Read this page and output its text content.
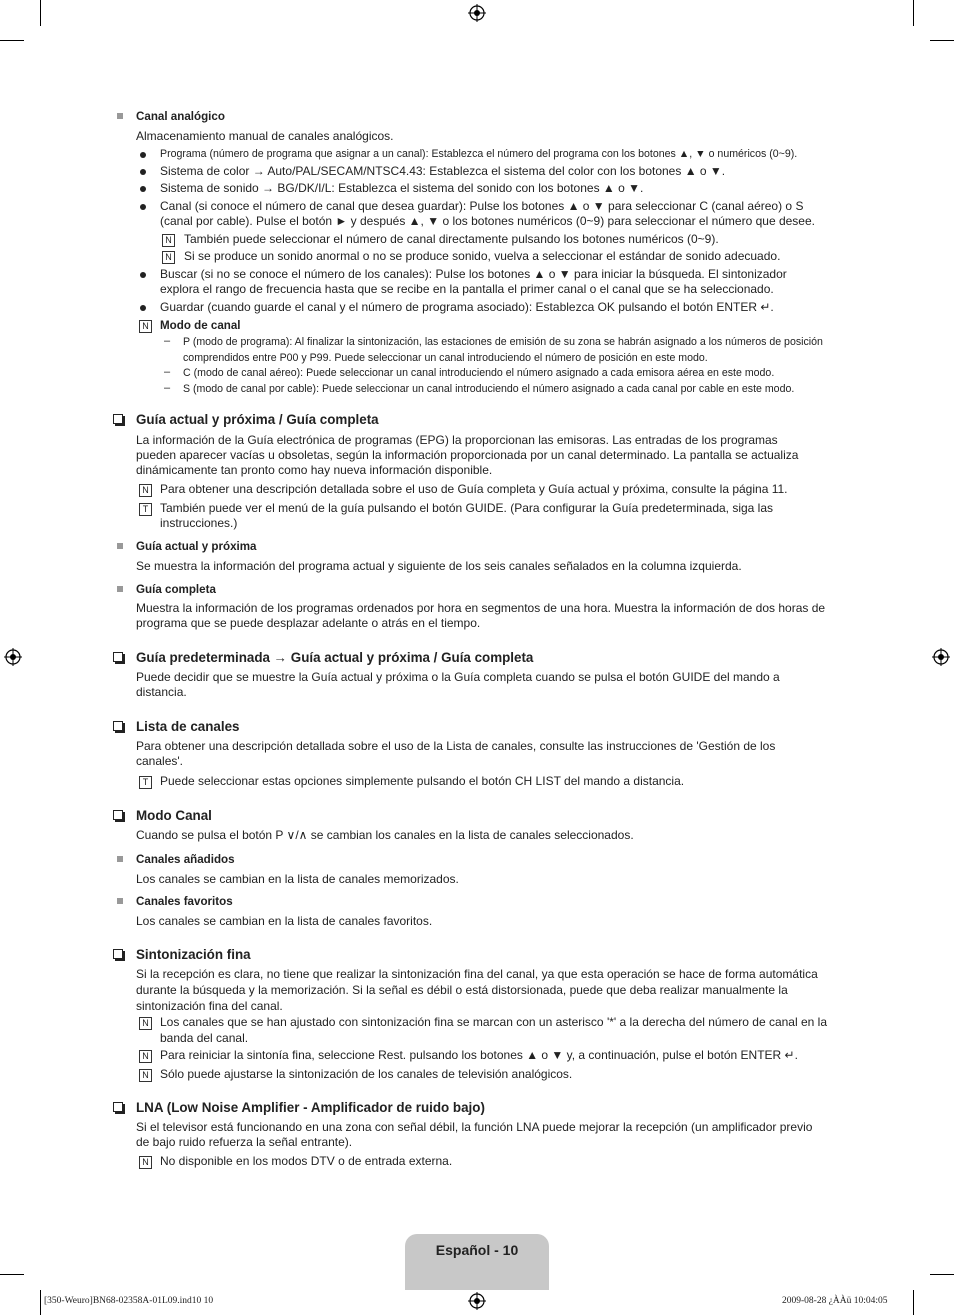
Canal analógico
Almacenamiento manual de canales analógicos.
Programa (número de programa que asignar a un canal): Establezca el número del programa con los botones ▲, ▼ o numéricos (0~9).
Sistema de color → Auto/PAL/SECAM/NTSC4.43: Establezca el sistema del color con los botones ▲ o ▼.
Sistema de sonido → BG/DK/I/L: Establezca el sistema del sonido con los botones ▲ o ▼.
Canal (si conoce el número de canal que desea guardar): Pulse los botones ▲ o ▼ para seleccionar C (canal aéreo) o S
(canal por cable). Pulse el botón ► y después ▲, ▼ o los botones numéricos (0~9) para seleccionar el número que desee.
N También puede seleccionar el número de canal directamente pulsando los botones numéricos (0~9).
N Si se produce un sonido anormal o no se produce sonido, vuelva a seleccionar el estándar de sonido adecuado.
Buscar (si no se conoce el número de los canales): Pulse los botones ▲ o ▼ para iniciar la búsqueda. El sintonizador
explora el rango de frecuencia hasta que se recibe en la pantalla el primer canal o el canal que se ha seleccionado.
Guardar (cuando guarde el canal y el número de programa asociado): Establezca OK pulsando el botón ENTER ↵.
N Modo de canal
– P (modo de programa): Al finalizar la sintonización, las estaciones de emisión de su zona se habrán asignado a los números de posición
comprendidos entre P00 y P99. Puede seleccionar un canal introduciendo el número de posición en este modo.
– C (modo de canal aéreo): Puede seleccionar un canal introduciendo el número asignado a cada emisora aérea en este modo.
– S (modo de canal por cable): Puede seleccionar un canal introduciendo el número asignado a cada canal por cable en este modo.
Guía actual y próxima / Guía completa
La información de la Guía electrónica de programas (EPG) la proporcionan las emisoras. Las entradas de los programas
pueden aparecer vacías u obsoletas, según la información proporcionada por un canal determinado. La pantalla se actualiza
dinámicamente tan pronto como hay nueva información disponible.
N Para obtener una descripción detallada sobre el uso de Guía completa y Guía actual y próxima, consulte la página 11.
T También puede ver el menú de la guía pulsando el botón GUIDE. (Para configurar la Guía predeterminada, siga las
instrucciones.)
Guía actual y próxima
Se muestra la información del programa actual y siguiente de los seis canales señalados en la columna izquierda.
Guía completa
Muestra la información de los programas ordenados por hora en segmentos de una hora. Muestra la información de dos horas de
programa que se puede desplazar adelante o atrás en el tiempo.
Guía predeterminada → Guía actual y próxima / Guía completa
Puede decidir que se muestre la Guía actual y próxima o la Guía completa cuando se pulsa el botón GUIDE del mando a
distancia.
Lista de canales
Para obtener una descripción detallada sobre el uso de la Lista de canales, consulte las instrucciones de 'Gestión de los
canales'.
T Puede seleccionar estas opciones simplemente pulsando el botón CH LIST del mando a distancia.
Modo Canal
Cuando se pulsa el botón P ∨/∧ se cambian los canales en la lista de canales seleccionados.
Canales añadidos
Los canales se cambian en la lista de canales memorizados.
Canales favoritos
Los canales se cambian en la lista de canales favoritos.
Sintonización fina
Si la recepción es clara, no tiene que realizar la sintonización fina del canal, ya que esta operación se hace de forma automática
durante la búsqueda y la memorización. Si la señal es débil o está distorsionada, puede que deba realizar manualmente la
sintonización fina del canal.
N Los canales que se han ajustado con sintonización fina se marcan con un asterisco '*' a la derecha del número de canal en la
banda del canal.
N Para reiniciar la sintonía fina, seleccione Rest. pulsando los botones ▲ o ▼ y, a continuación, pulse el botón ENTER ↵.
N Sólo puede ajustarse la sintonización de los canales de televisión analógicos.
LNA (Low Noise Amplifier - Amplificador de ruido bajo)
Si el televisor está funcionando en una zona con señal débil, la función LNA puede mejorar la recepción (un amplificador previo
de bajo ruido refuerza la señal entrante).
N No disponible en los modos DTV o de entrada externa.
Español - 10
[350-Weuro]BN68-02358A-01L09.ind10 10	2009-08-28 ¿ÀÀü 10:04:05
